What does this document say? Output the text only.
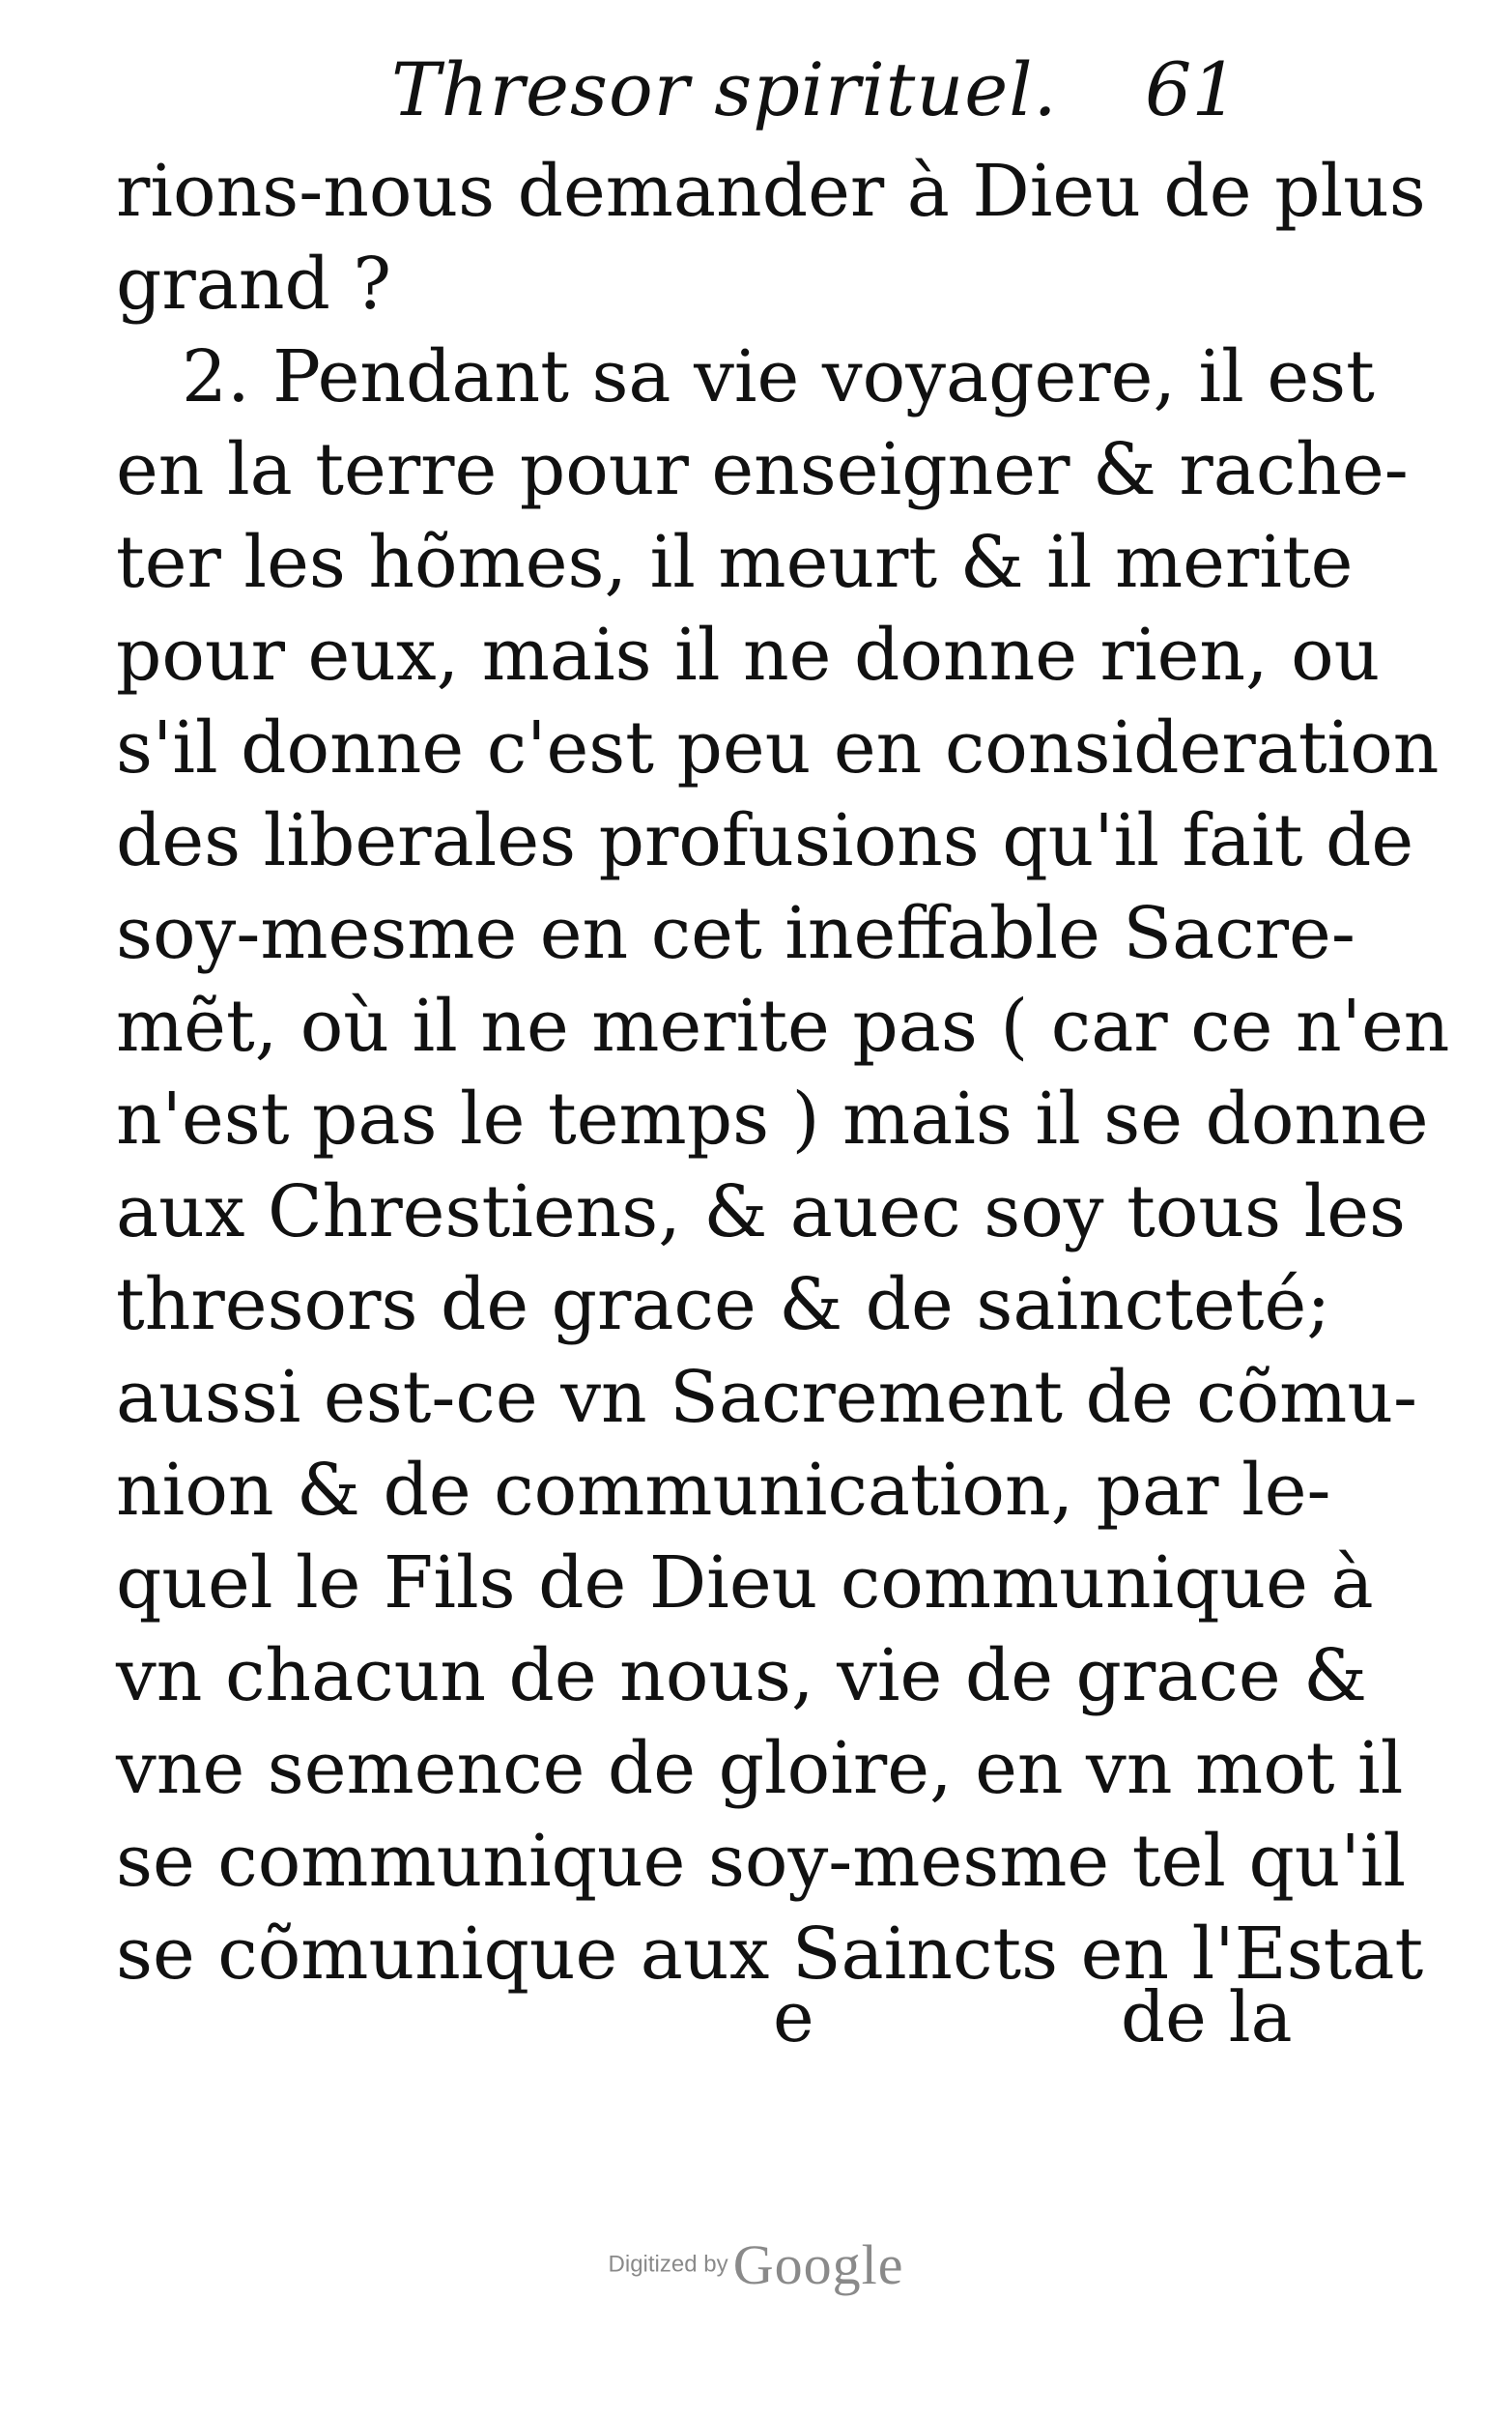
Thresor spirituel. 61
rions-nous demander à Dieu de plus
grand ?
2. Pendant sa vie voyagere, il est
en la terre pour enseigner & rache-
ter les hõmes, il meurt & il merite
pour eux, mais il ne donne rien, ou
s'il donne c'est peu en consideration
des liberales profusions qu'il fait de
soy-mesme en cet ineffable Sacre-
mẽt, où il ne merite pas ( car ce n'en
n'est pas le temps ) mais il se donne
aux Chrestiens, & auec soy tous les
thresors de grace & de saincteté;
aussi est-ce vn Sacrement de cõmu-
nion & de communication, par le-
quel le Fils de Dieu communique à
vn chacun de nous, vie de grace &
vne semence de gloire, en vn mot il
se communique soy-mesme tel qu'il
se cõmunique aux Saincts en l'Estat
e	de la
Digitized by Google
